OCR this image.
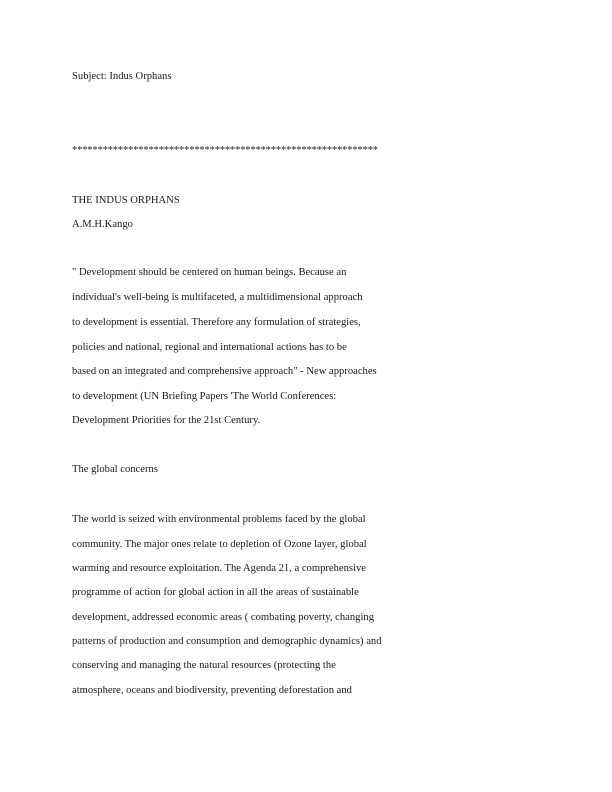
Subject: Indus Orphans
************************************************************
THE INDUS ORPHANS
A.M.H.Kango
" Development should be centered on human beings. Because an
individual's well-being is multifaceted, a multidimensional approach
to development is essential. Therefore any formulation of strategies,
policies and national, regional and international actions has to be
based on an integrated and comprehensive approach" - New approaches
to development (UN Briefing Papers 'The World Conferences:
Development Priorities for the 21st Century.
The global concerns
The world is seized with environmental problems faced by the global
community. The major ones relate to depletion of Ozone layer, global
warming and resource exploitation. The Agenda 21, a comprehensive
programme of action for global action in all the areas of sustainable
development, addressed economic areas ( combating poverty, changing
patterns of production and consumption and demographic dynamics) and
conserving and managing the natural resources (protecting the
atmosphere, oceans and biodiversity, preventing deforestation and
